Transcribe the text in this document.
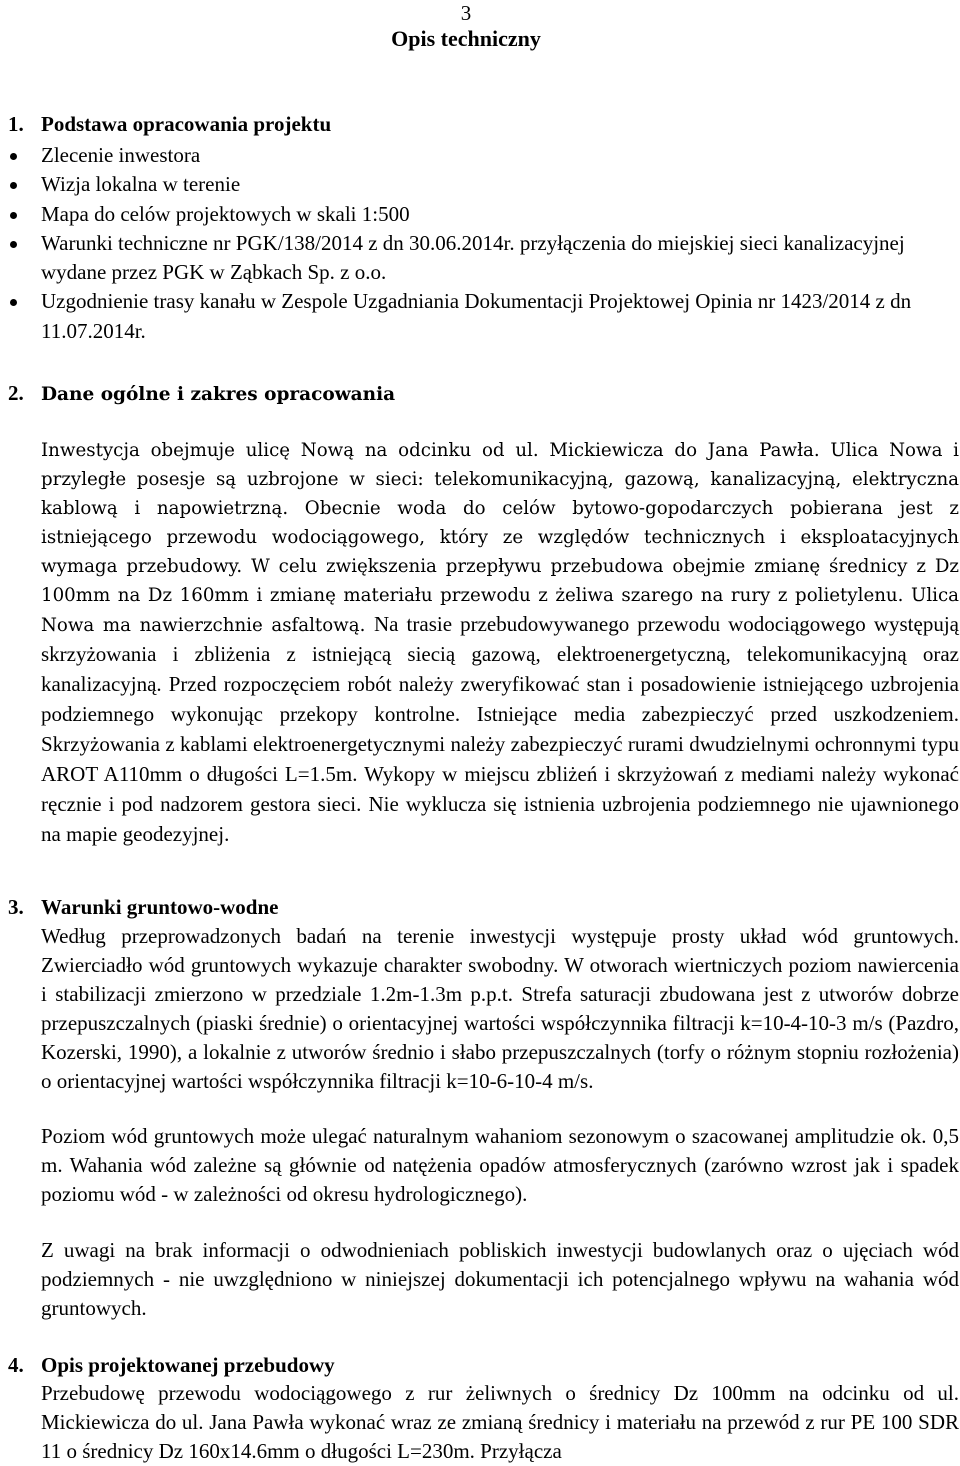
3
Opis techniczny
1. Podstawa opracowania projektu
Zlecenie inwestora
Wizja lokalna w terenie
Mapa do celów projektowych w skali 1:500
Warunki techniczne nr PGK/138/2014 z dn 30.06.2014r. przyłączenia do miejskiej sieci kanalizacyjnej wydane przez PGK w Ząbkach Sp. z o.o.
Uzgodnienie trasy kanału w Zespole Uzgadniania Dokumentacji Projektowej Opinia nr 1423/2014 z dn 11.07.2014r.
2. Dane ogólne i zakres opracowania

Inwestycja obejmuje ulicę Nową na odcinku od ul. Mickiewicza do Jana Pawła. Ulica Nowa i przyległe posesje są uzbrojone w sieci: telekomunikacyjną, gazową, kanalizacyjną, elektryczna kablową i napowietrzną. Obecnie woda do celów bytowo-gopodarczych pobierana jest z istniejącego przewodu wodociągowego, który ze względów technicznych i eksploatacyjnych wymaga przebudowy. W celu zwiększenia przepływu przebudowa obejmie zmianę średnicy z Dz 100mm na Dz 160mm i zmianę materiału przewodu z żeliwa szarego na rury z polietylenu. Ulica Nowa ma nawierzchnie asfaltową. Na trasie przebudowywanego przewodu wodociągowego występują skrzyżowania i zbliżenia z istniejącą siecią gazową, elektroenergetyczną, telekomunikacyjną oraz kanalizacyjną. Przed rozpoczęciem robót należy zweryfikować stan i posadowienie istniejącego uzbrojenia podziemnego wykonując przekopy kontrolne. Istniejące media zabezpieczyć przed uszkodzeniem. Skrzyżowania z kablami elektroenergetycznymi należy zabezpieczyć rurami dwudzielnymi ochronnymi typu AROT A110mm o długości L=1.5m. Wykopy w miejscu zbliżeń i skrzyżowań z mediami należy wykonać ręcznie i pod nadzorem gestora sieci. Nie wyklucza się istnienia uzbrojenia podziemnego nie ujawnionego na mapie geodezyjnej.

3. Warunki gruntowo-wodne

Według przeprowadzonych badań na terenie inwestycji występuje prosty układ wód gruntowych. Zwierciadło wód gruntowych wykazuje charakter swobodny. W otworach wiertniczych poziom nawiercenia i stabilizacji zmierzono w przedziale 1.2m-1.3m p.p.t. Strefa saturacji zbudowana jest z utworów dobrze przepuszczalnych (piaski średnie) o orientacyjnej wartości współczynnika filtracji k=10-4-10-3 m/s (Pazdro, Kozerski, 1990), a lokalnie z utworów średnio i słabo przepuszczalnych (torfy o różnym stopniu rozłożenia) o orientacyjnej wartości współczynnika filtracji k=10-6-10-4 m/s.

Poziom wód gruntowych może ulegać naturalnym wahaniom sezonowym o szacowanej amplitudzie ok. 0,5 m. Wahania wód zależne są głównie od natężenia opadów atmosferycznych (zarówno wzrost jak i spadek poziomu wód - w zależności od okresu hydrologicznego).

Z uwagi na brak informacji o odwodnieniach pobliskich inwestycji budowlanych oraz o ujęciach wód podziemnych - nie uwzględniono w niniejszej dokumentacji ich potencjalnego wpływu na wahania wód gruntowych.

4. Opis projektowanej przebudowy

Przebudowę przewodu wodociągowego z rur żeliwnych o średnicy Dz 100mm na odcinku od ul. Mickiewicza do ul. Jana Pawła wykonać wraz ze zmianą średnicy i materiału na przewód z rur PE 100 SDR 11 o średnicy Dz 160x14.6mm o długości L=230m. Przyłącza
